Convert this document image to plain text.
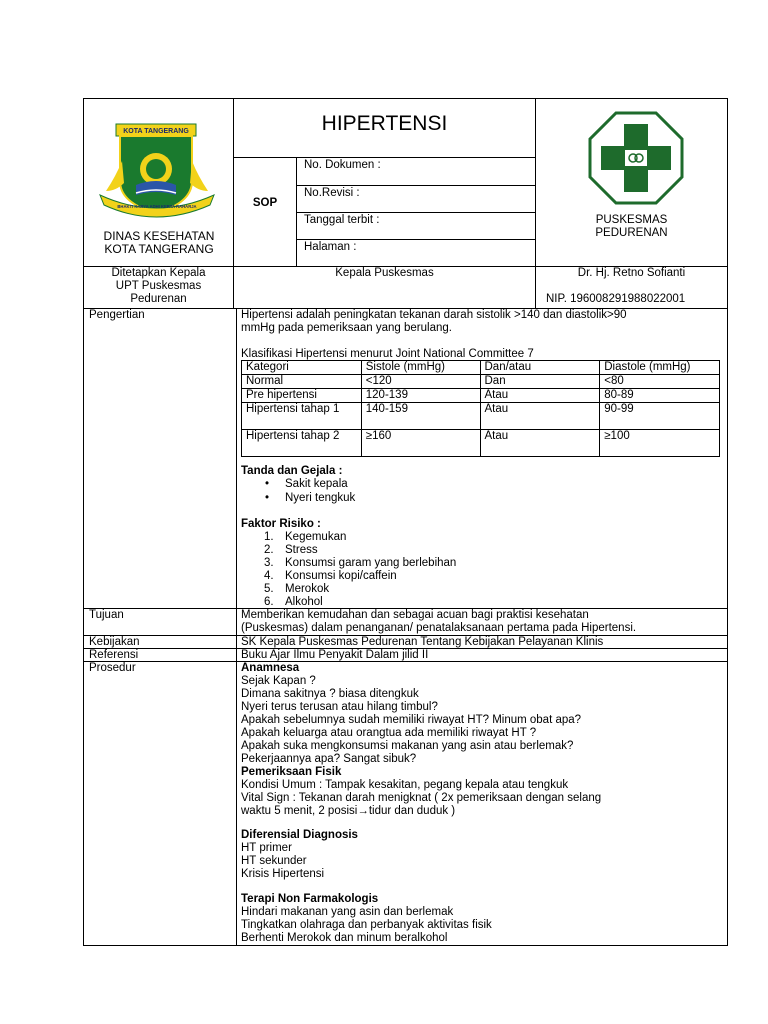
KOTA TANGERANG
BHAKTI KARYA ADHI KERTA RAHARJA
DINAS KESEHATAN
KOTA TANGERANG
HIPERTENSI
SOP
No. Dokumen :
No.Revisi :
Tanggal terbit :
Halaman :
PUSKESMAS
PEDURENAN
Ditetapkan Kepala
UPT Puskesmas
Pedurenan
Kepala Puskesmas	Dr. Hj. Retno Sofianti
NIP. 196008291988022001
Pengertian	Hipertensi adalah peningkatan tekanan darah sistolik >140 dan diastolik>90
mmHg pada pemeriksaan yang berulang.
Klasifikasi Hipertensi menurut Joint National Committee 7
Kategori	Sistole (mmHg)	Dan/atau	Diastole (mmHg)
Normal	<120	Dan	<80
Pre hipertensi	120-139	Atau	80-89
Hipertensi tahap 1	140-159	Atau	90-99
Hipertensi tahap 2	≥160	Atau	≥100
Tanda dan Gejala :
• Sakit kepala
• Nyeri tengkuk
Faktor Risiko :
1. Kegemukan
2. Stress
3. Konsumsi garam yang berlebihan
4. Konsumsi kopi/caffein
5. Merokok
6. Alkohol
Tujuan	Memberikan kemudahan dan sebagai acuan bagi praktisi kesehatan
(Puskesmas) dalam penanganan/ penatalaksanaan pertama pada Hipertensi.
Kebijakan	SK Kepala Puskesmas Pedurenan Tentang Kebijakan Pelayanan Klinis
Referensi	Buku Ajar Ilmu Penyakit Dalam jilid II
Prosedur	Anamnesa
Sejak Kapan ?
Dimana sakitnya ? biasa ditengkuk
Nyeri terus terusan atau hilang timbul?
Apakah sebelumnya sudah memiliki riwayat HT? Minum obat apa?
Apakah keluarga atau orangtua ada memiliki riwayat HT ?
Apakah suka mengkonsumsi makanan yang asin atau berlemak?
Pekerjaannya apa? Sangat sibuk?
Pemeriksaan Fisik
Kondisi Umum : Tampak kesakitan, pegang kepala atau tengkuk
Vital Sign : Tekanan darah menigknat ( 2x pemeriksaan dengan selang
waktu 5 menit, 2 posisi→tidur dan duduk )
Diferensial Diagnosis
HT primer
HT sekunder
Krisis Hipertensi
Terapi Non Farmakologis
Hindari makanan yang asin dan berlemak
Tingkatkan olahraga dan perbanyak aktivitas fisik
Berhenti Merokok dan minum beralkohol
